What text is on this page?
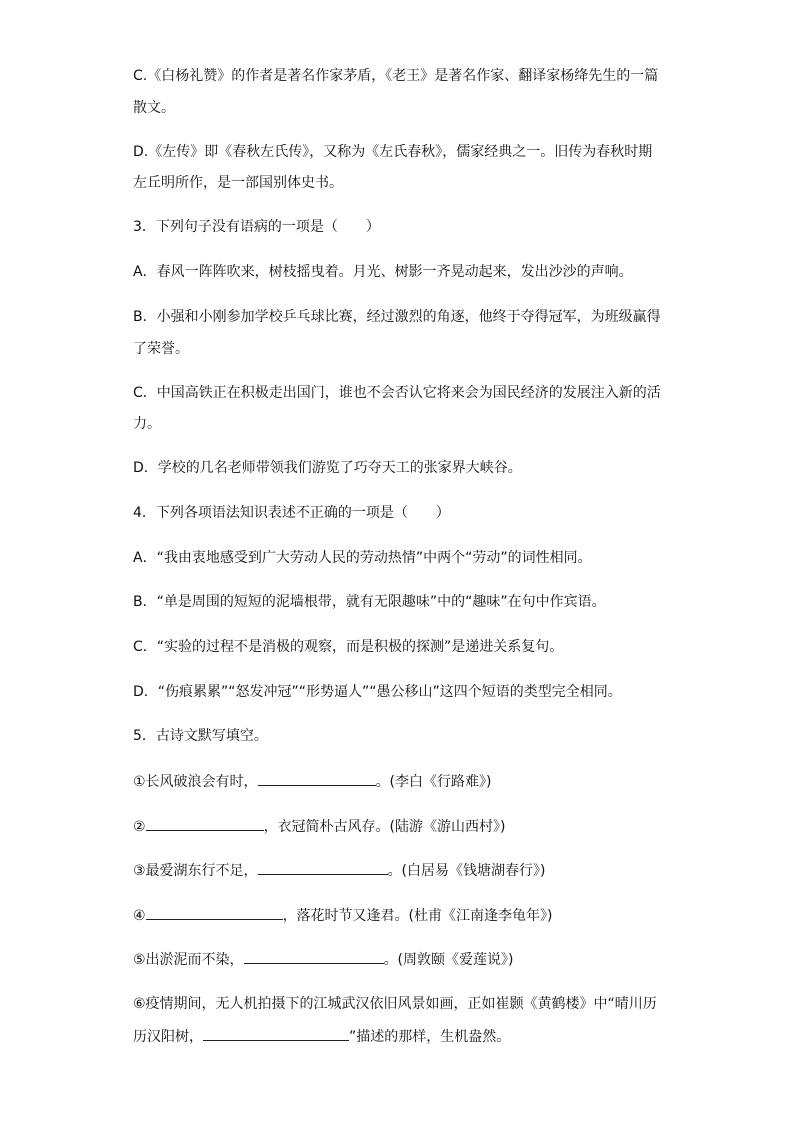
C.《白杨礼赞》的作者是著名作家茅盾，《老王》是著名作家、翻译家杨绛先生的一篇
散文。
D.《左传》即《春秋左氏传》，又称为《左氏春秋》，儒家经典之一。旧传为春秋时期
左丘明所作，是一部国别体史书。
3．下列句子没有语病的一项是（　　）
A．春风一阵阵吹来，树枝摇曳着。月光、树影一齐晃动起来，发出沙沙的声响。
B．小强和小刚参加学校乒乓球比赛，经过激烈的角逐，他终于夺得冠军，为班级赢得
了荣誉。
C．中国高铁正在积极走出国门，谁也不会否认它将来会为国民经济的发展注入新的活
力。
D．学校的几名老师带领我们游览了巧夺天工的张家界大峡谷。
4．下列各项语法知识表述不正确的一项是（　　）
A．“我由衷地感受到广大劳动人民的劳动热情”中两个“劳动”的词性相同。
B．“单是周围的短短的泥墙根带，就有无限趣味”中的“趣味”在句中作宾语。
C．“实验的过程不是消极的观察，而是积极的探测”是递进关系复句。
D．“伤痕累累”“怒发冲冠”“形势逼人”“愚公移山”这四个短语的类型完全相同。
5．古诗文默写填空。
①长风破浪会有时，	。(李白《行路难》)
②	，衣冠简朴古风存。(陆游《游山西村》)
③最爱湖东行不足，	。(白居易《钱塘湖春行》)
④	，落花时节又逢君。(杜甫《江南逢李龟年》)
⑤出淤泥而不染，	。(周敦颐《爱莲说》)
⑥疫情期间，无人机拍摄下的江城武汉依旧风景如画，正如崔颢《黄鹤楼》中“晴川历
历汉阳树，	”描述的那样，生机盎然。
